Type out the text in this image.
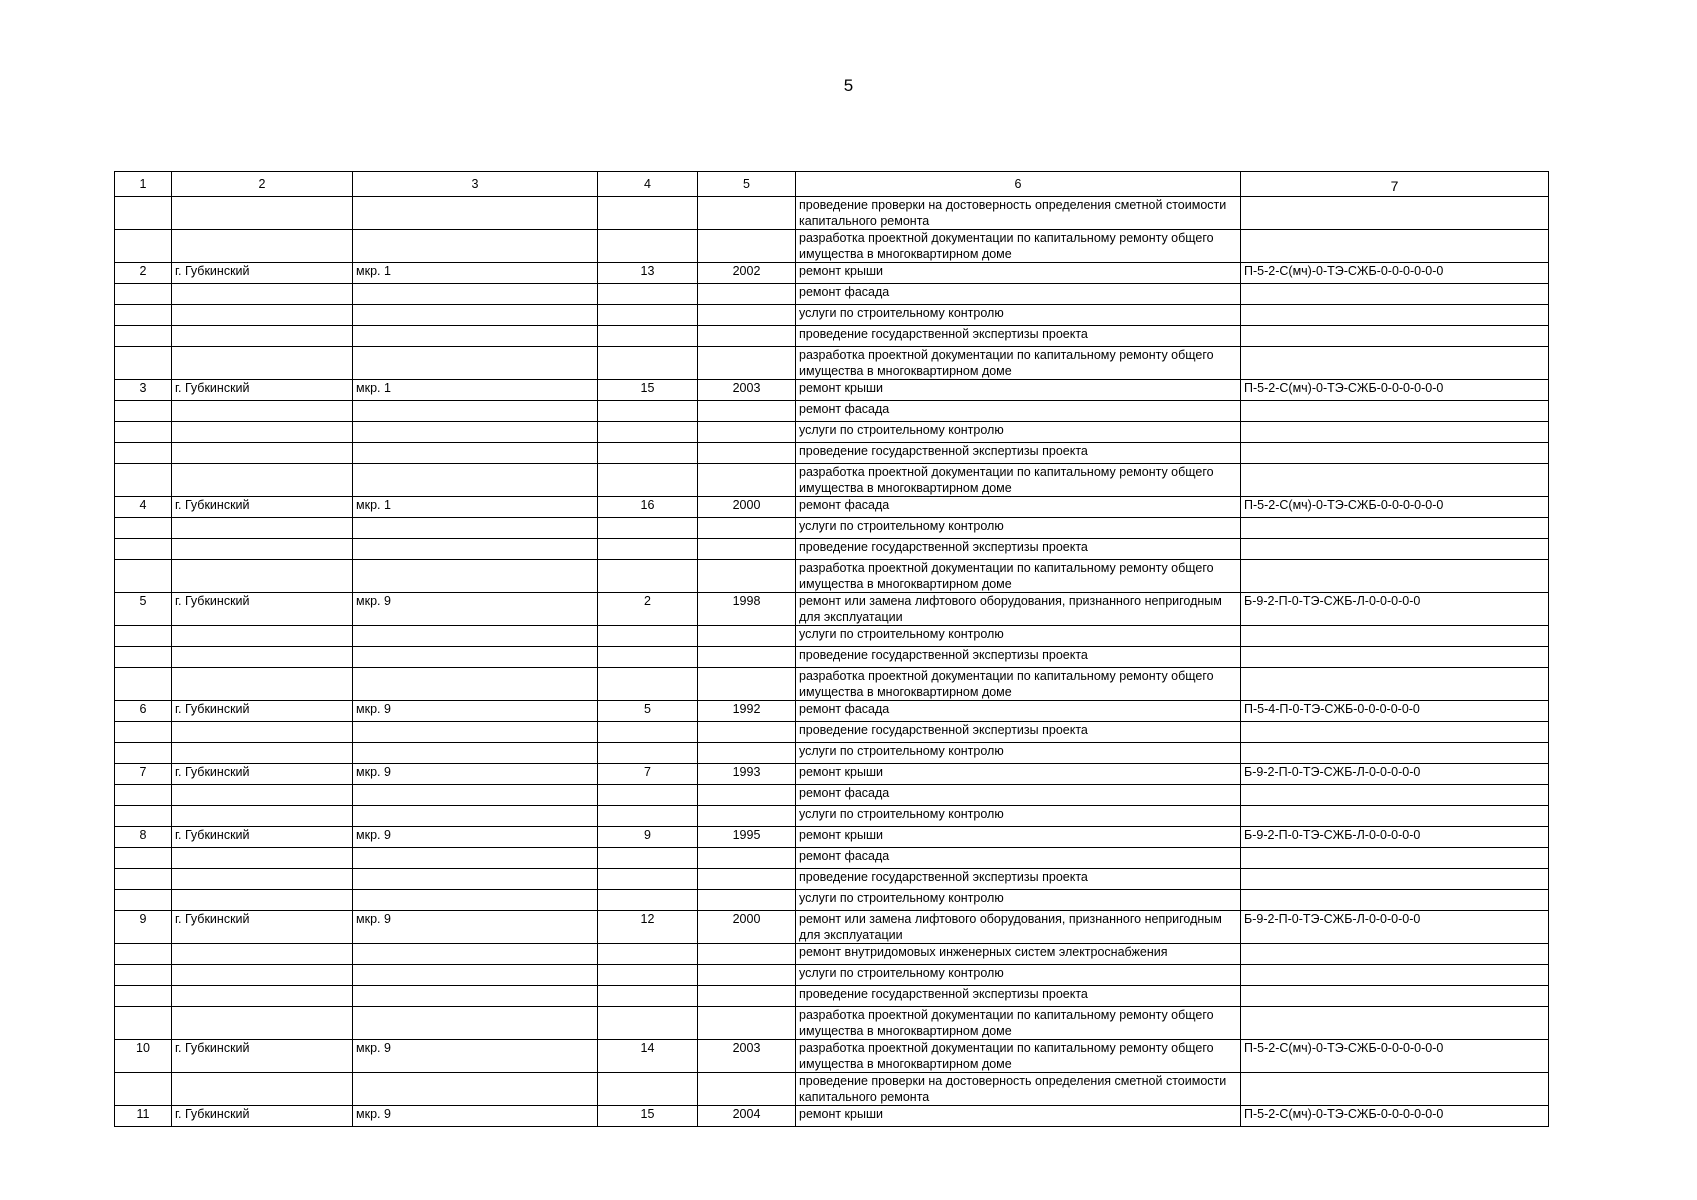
5
1	2	3	4	5	6	7
					проведение проверки на достоверность определения сметной стоимости капитального ремонта	
					разработка проектной документации по капитальному ремонту общего имущества в многоквартирном доме	
2	г. Губкинский	мкр. 1	13	2002	ремонт крыши	П-5-2-С(мч)-0-ТЭ-СЖБ-0-0-0-0-0-0
					ремонт фасада	
					услуги по строительному контролю	
					проведение государственной экспертизы проекта	
					разработка проектной документации по капитальному ремонту общего имущества в многоквартирном доме	
3	г. Губкинский	мкр. 1	15	2003	ремонт крыши	П-5-2-С(мч)-0-ТЭ-СЖБ-0-0-0-0-0-0
					ремонт фасада	
					услуги по строительному контролю	
					проведение государственной экспертизы проекта	
					разработка проектной документации по капитальному ремонту общего имущества в многоквартирном доме	
4	г. Губкинский	мкр. 1	16	2000	ремонт фасада	П-5-2-С(мч)-0-ТЭ-СЖБ-0-0-0-0-0-0
					услуги по строительному контролю	
					проведение государственной экспертизы проекта	
					разработка проектной документации по капитальному ремонту общего имущества в многоквартирном доме	
5	г. Губкинский	мкр. 9	2	1998	ремонт или замена лифтового оборудования, признанного непригодным для эксплуатации	Б-9-2-П-0-ТЭ-СЖБ-Л-0-0-0-0-0
					услуги по строительному контролю	
					проведение государственной экспертизы проекта	
					разработка проектной документации по капитальному ремонту общего имущества в многоквартирном доме	
6	г. Губкинский	мкр. 9	5	1992	ремонт фасада	П-5-4-П-0-ТЭ-СЖБ-0-0-0-0-0-0
					проведение государственной экспертизы проекта	
					услуги по строительному контролю	
7	г. Губкинский	мкр. 9	7	1993	ремонт крыши	Б-9-2-П-0-ТЭ-СЖБ-Л-0-0-0-0-0
					ремонт фасада	
					услуги по строительному контролю	
8	г. Губкинский	мкр. 9	9	1995	ремонт крыши	Б-9-2-П-0-ТЭ-СЖБ-Л-0-0-0-0-0
					ремонт фасада	
					проведение государственной экспертизы проекта	
					услуги по строительному контролю	
9	г. Губкинский	мкр. 9	12	2000	ремонт или замена лифтового оборудования, признанного непригодным для эксплуатации	Б-9-2-П-0-ТЭ-СЖБ-Л-0-0-0-0-0
					ремонт внутридомовых инженерных систем электроснабжения	
					услуги по строительному контролю	
					проведение государственной экспертизы проекта	
					разработка проектной документации по капитальному ремонту общего имущества в многоквартирном доме	
10	г. Губкинский	мкр. 9	14	2003	разработка проектной документации по капитальному ремонту общего имущества в многоквартирном доме	П-5-2-С(мч)-0-ТЭ-СЖБ-0-0-0-0-0-0
					проведение проверки на достоверность определения сметной стоимости капитального ремонта	
11	г. Губкинский	мкр. 9	15	2004	ремонт крыши	П-5-2-С(мч)-0-ТЭ-СЖБ-0-0-0-0-0-0
